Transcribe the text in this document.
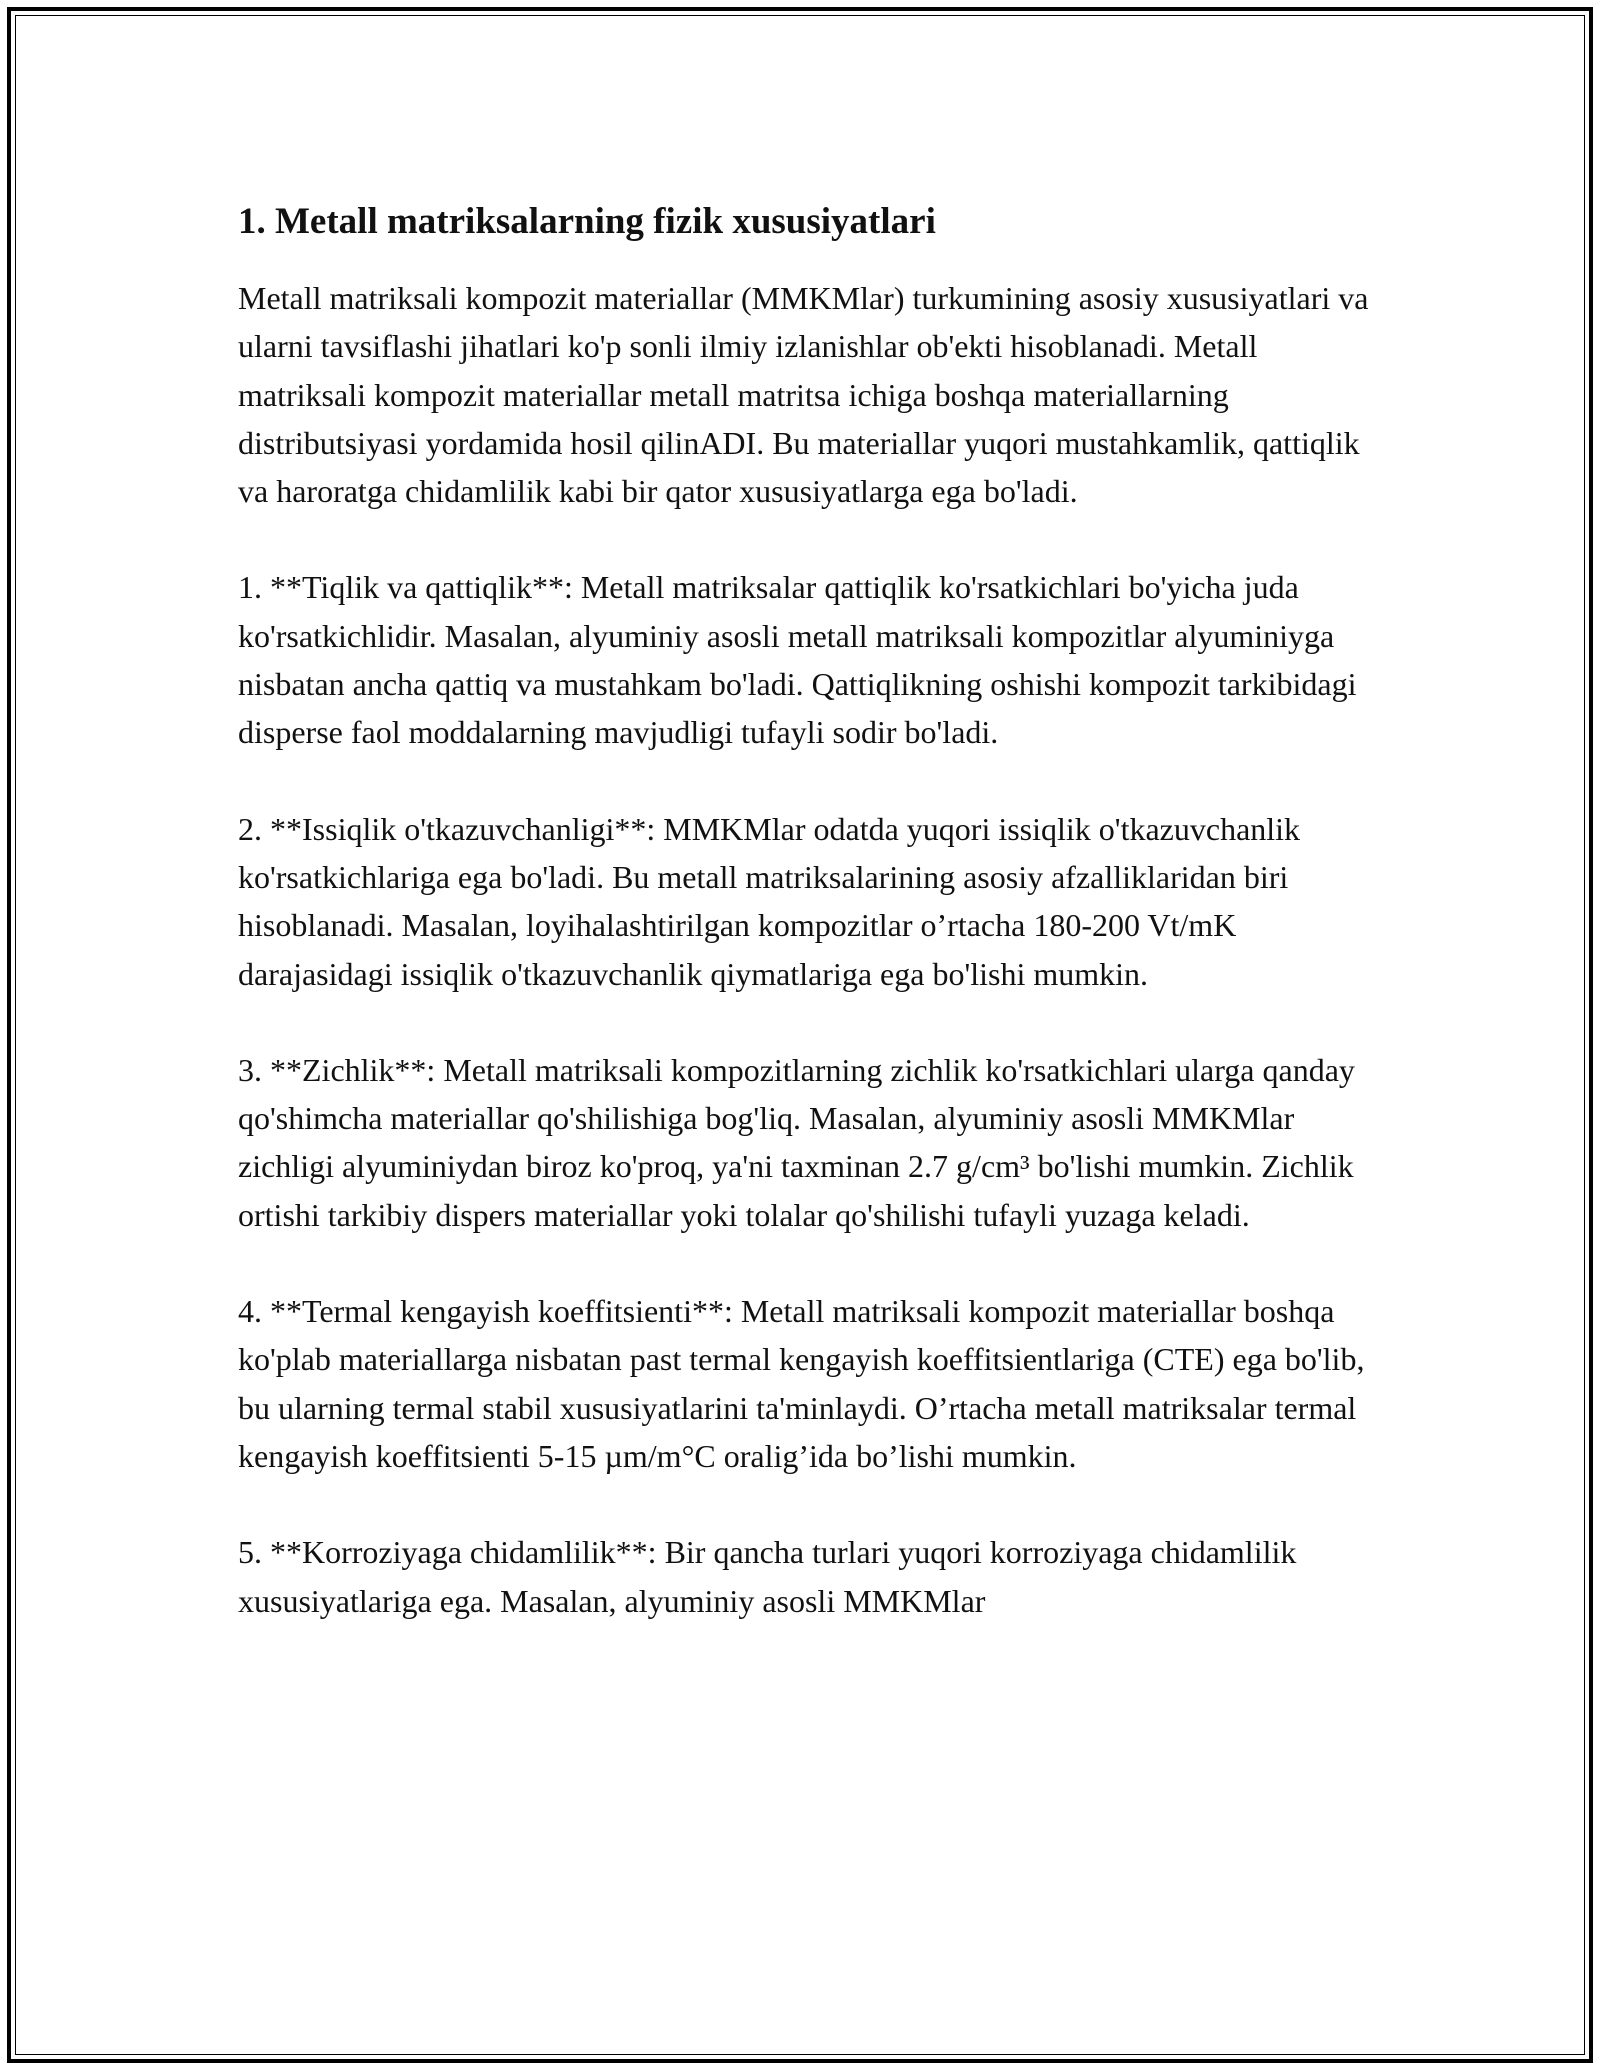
1. Metall matriksalarning fizik xususiyatlari

Metall matriksali kompozit materiallar (MMKMlar) turkumining asosiy xususiyatlari va ularni tavsiflashi jihatlari ko'p sonli ilmiy izlanishlar ob'ekti hisoblanadi. Metall matriksali kompozit materiallar metall matritsa ichiga boshqa materiallarning distributsiyasi yordamida hosil qilinADI. Bu materiallar yuqori mustahkamlik, qattiqlik va haroratga chidamlilik kabi bir qator xususiyatlarga ega bo'ladi.

1. **Tiqlik va qattiqlik**: Metall matriksalar qattiqlik ko'rsatkichlari bo'yicha juda ko'rsatkichlidir. Masalan, alyuminiy asosli metall matriksali kompozitlar alyuminiyga nisbatan ancha qattiq va mustahkam bo'ladi. Qattiqlikning oshishi kompozit tarkibidagi disperse faol moddalarning mavjudligi tufayli sodir bo'ladi.

2. **Issiqlik o'tkazuvchanligi**: MMKMlar odatda yuqori issiqlik o'tkazuvchanlik ko'rsatkichlariga ega bo'ladi. Bu metall matriksalarining asosiy afzalliklaridan biri hisoblanadi. Masalan, loyihalashtirilgan kompozitlar o’rtacha 180-200 Vt/mK darajasidagi issiqlik o'tkazuvchanlik qiymatlariga ega bo'lishi mumkin.

3. **Zichlik**: Metall matriksali kompozitlarning zichlik ko'rsatkichlari ularga qanday qo'shimcha materiallar qo'shilishiga bog'liq. Masalan, alyuminiy asosli MMKMlar zichligi alyuminiydan biroz ko'proq, ya'ni taxminan 2.7 g/cm³ bo'lishi mumkin. Zichlik ortishi tarkibiy dispers materiallar yoki tolalar qo'shilishi tufayli yuzaga keladi.

4. **Termal kengayish koeffitsienti**: Metall matriksali kompozit materiallar boshqa ko'plab materiallarga nisbatan past termal kengayish koeffitsientlariga (CTE) ega bo'lib, bu ularning termal stabil xususiyatlarini ta'minlaydi. O’rtacha metall matriksalar termal kengayish koeffitsienti 5-15 µm/m°C oralig’ida bo’lishi mumkin.

5. **Korroziyaga chidamlilik**: Bir qancha turlari yuqori korroziyaga chidamlilik xususiyatlariga ega. Masalan, alyuminiy asosli MMKMlar
